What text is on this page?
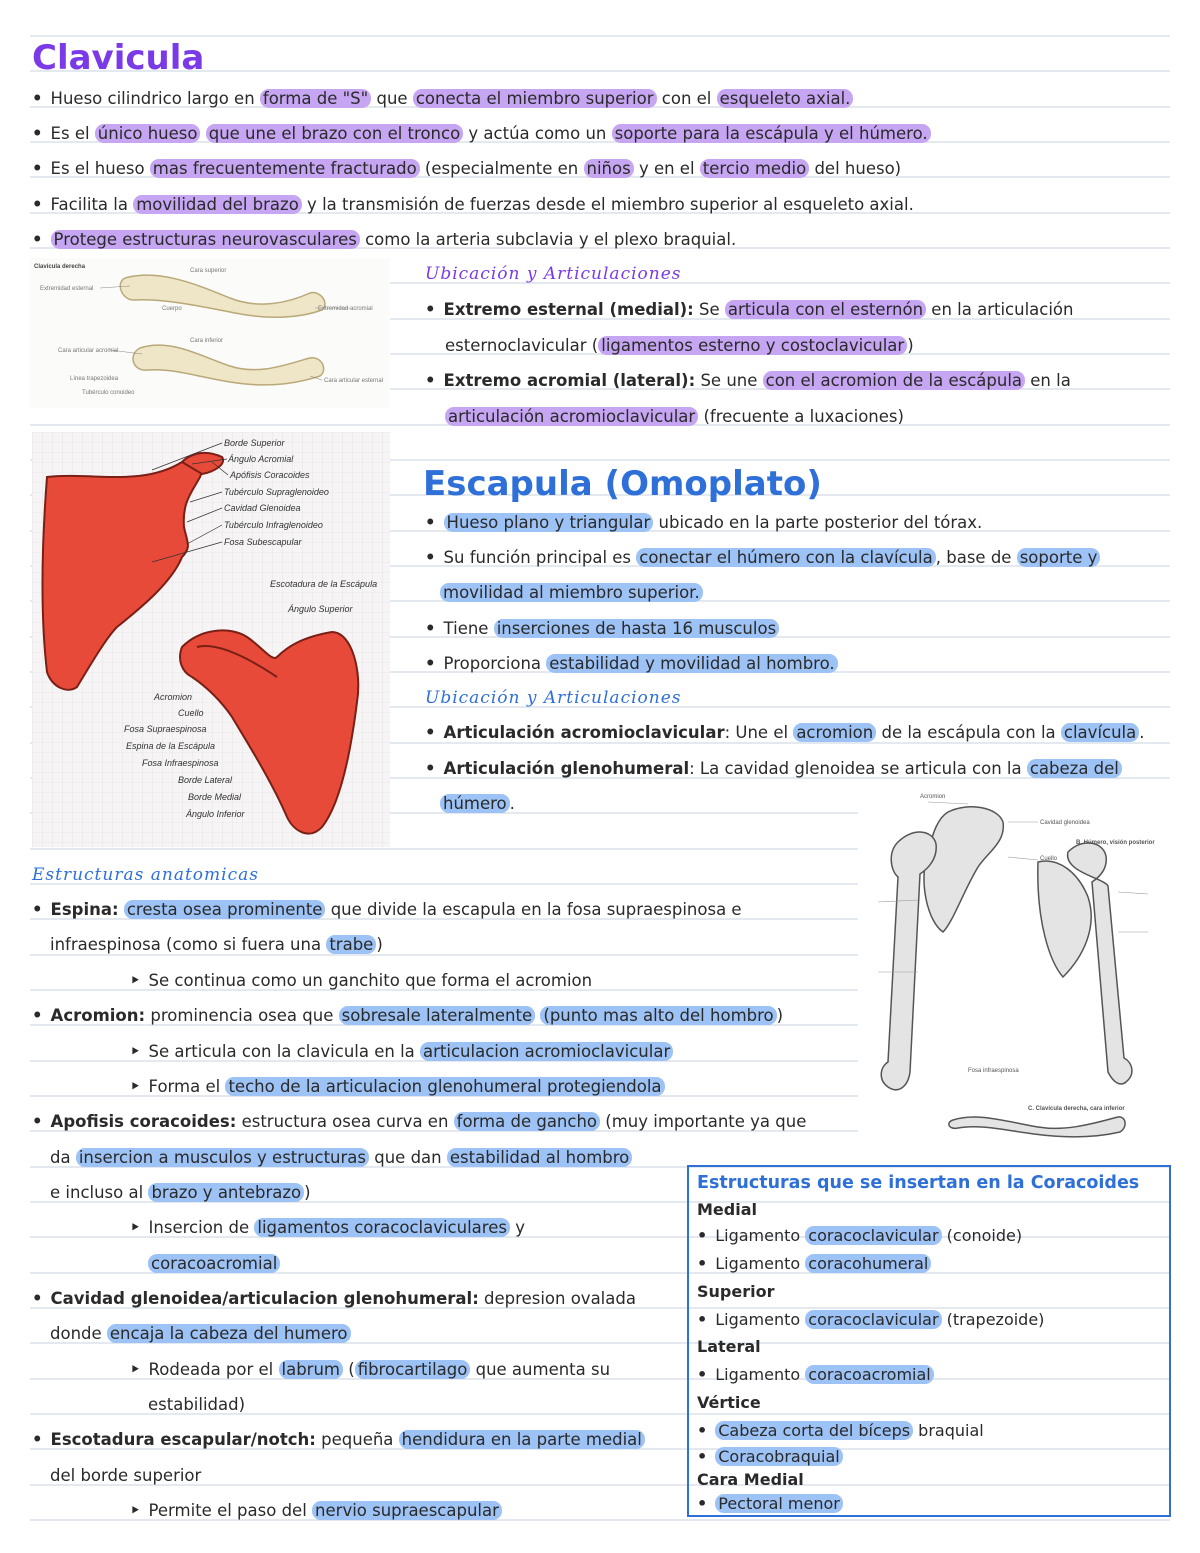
Clavicula
• Hueso cilindrico largo en forma de "S" que conecta el miembro superior con el esqueleto axial.
• Es el único hueso que une el brazo con el tronco y actúa como un soporte para la escápula y el húmero.
• Es el hueso mas frecuentemente fracturado (especialmente en niños y en el tercio medio del hueso)
• Facilita la movilidad del brazo y la transmisión de fuerzas desde el miembro superior al esqueleto axial.
• Protege estructuras neurovasculares como la arteria subclavia y el plexo braquial.
Clavícula derecha
Cara superior
Extremidad esternal
Extremidad acromial
Cuerpo
Cara inferior
Cara articular acromial
Línea trapezoidea
Tubérculo conoideo
Cara articular esternal
Ubicación y Articulaciones
• Extremo esternal (medial): Se articula con el esternón en la articulación
esternoclavicular ( ligamentos esterno y costoclavicular )
• Extremo acromial (lateral): Se une con el acromion de la escápula en la
articulación acromioclavicular (frecuente a luxaciones)
Borde Superior
Ángulo Acromial
Apófisis Coracoides
Tubérculo Supraglenoideo
Cavidad Glenoidea
Tubérculo Infraglenoideo
Fosa Subescapular
Escotadura de la Escápula
Ángulo Superior
Acromion
Cuello
Fosa Supraespinosa
Espina de la Escápula
Fosa Infraespinosa
Borde Lateral
Borde Medial
Ángulo Inferior
Escapula (Omoplato)
• Hueso plano y triangular ubicado en la parte posterior del tórax.
• Su función principal es conectar el húmero con la clavícula , base de soporte y
movilidad al miembro superior.
• Tiene inserciones de hasta 16 musculos
• Proporciona estabilidad y movilidad al hombro.
Ubicación y Articulaciones
• Articulación acromioclavicular: Une el acromion de la escápula con la clavícula .
• Articulación glenohumeral: La cavidad glenoidea se articula con la cabeza del
húmero .	Acromion
Cuello
Fosa infraespinosa
Cavidad glenoidea
B. Húmero, visión posterior
C. Clavícula derecha, cara inferior
Estructuras anatomicas
• Espina: cresta osea prominente que divide la escapula en la fosa supraespinosa e
infraespinosa (como si fuera una trabe )
‣ Se continua como un ganchito que forma el acromion
• Acromion: prominencia osea que sobresale lateralmente (punto mas alto del hombro )
‣ Se articula con la clavicula en la articulacion acromioclavicular
‣ Forma el techo de la articulacion glenohumeral protegiendola
• Apofisis coracoides: estructura osea curva en forma de gancho (muy importante ya que
da insercion a musculos y estructuras que dan estabilidad al hombro
e incluso al brazo y antebrazo )
‣ Insercion de ligamentos coracoclaviculares y
coracoacromial
• Cavidad glenoidea/articulacion glenohumeral: depresion ovalada
donde encaja la cabeza del humero
‣ Rodeada por el labrum ( fibrocartilago que aumenta su
estabilidad)
• Escotadura escapular/notch: pequeña hendidura en la parte medial
del borde superior
‣ Permite el paso del nervio supraescapular
Estructuras que se insertan en la Coracoides
Medial
• Ligamento coracoclavicular (conoide)
• Ligamento coracohumeral
Superior
• Ligamento coracoclavicular (trapezoide)
Lateral
• Ligamento coracoacromial
Vértice
• Cabeza corta del bíceps braquial
• Coracobraquial
Cara Medial
• Pectoral menor
